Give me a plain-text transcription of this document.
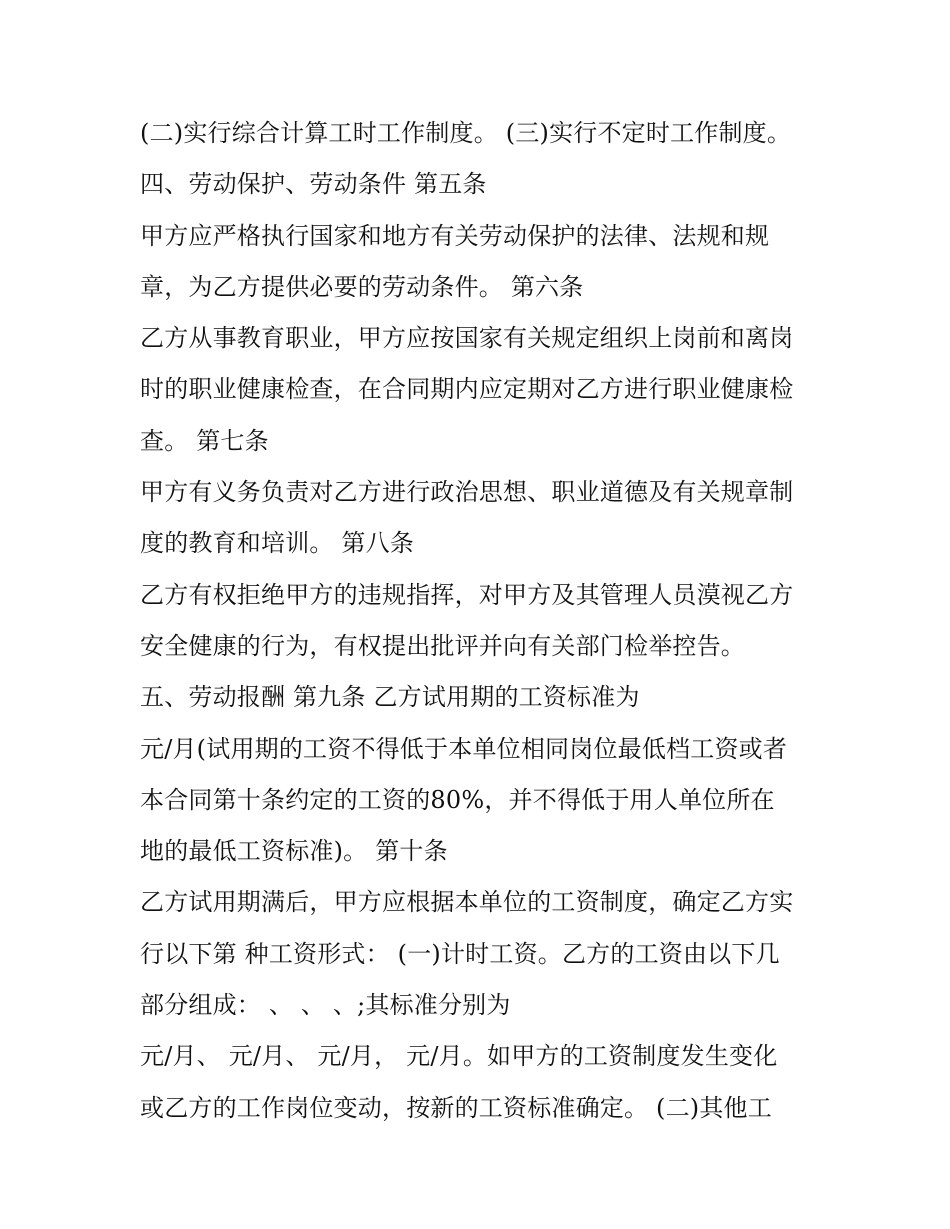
(二)实行综合计算工时工作制度。 (三)实行不定时工作制度。

四、劳动保护、劳动条件 第五条

甲方应严格执行国家和地方有关劳动保护的法律、法规和规

章，为乙方提供必要的劳动条件。 第六条

乙方从事教育职业，甲方应按国家有关规定组织上岗前和离岗

时的职业健康检查，在合同期内应定期对乙方进行职业健康检

查。 第七条

甲方有义务负责对乙方进行政治思想、职业道德及有关规章制

度的教育和培训。 第八条

乙方有权拒绝甲方的违规指挥，对甲方及其管理人员漠视乙方

安全健康的行为，有权提出批评并向有关部门检举控告。

五、劳动报酬 第九条 乙方试用期的工资标准为

元/月(试用期的工资不得低于本单位相同岗位最低档工资或者

本合同第十条约定的工资的80%，并不得低于用人单位所在

地的最低工资标准)。 第十条

乙方试用期满后，甲方应根据本单位的工资制度，确定乙方实

行以下第 种工资形式： (一)计时工资。乙方的工资由以下几

部分组成： 、 、 、;其标准分别为

元/月、 元/月、 元/月， 元/月。如甲方的工资制度发生变化

或乙方的工作岗位变动，按新的工资标准确定。 (二)其他工
